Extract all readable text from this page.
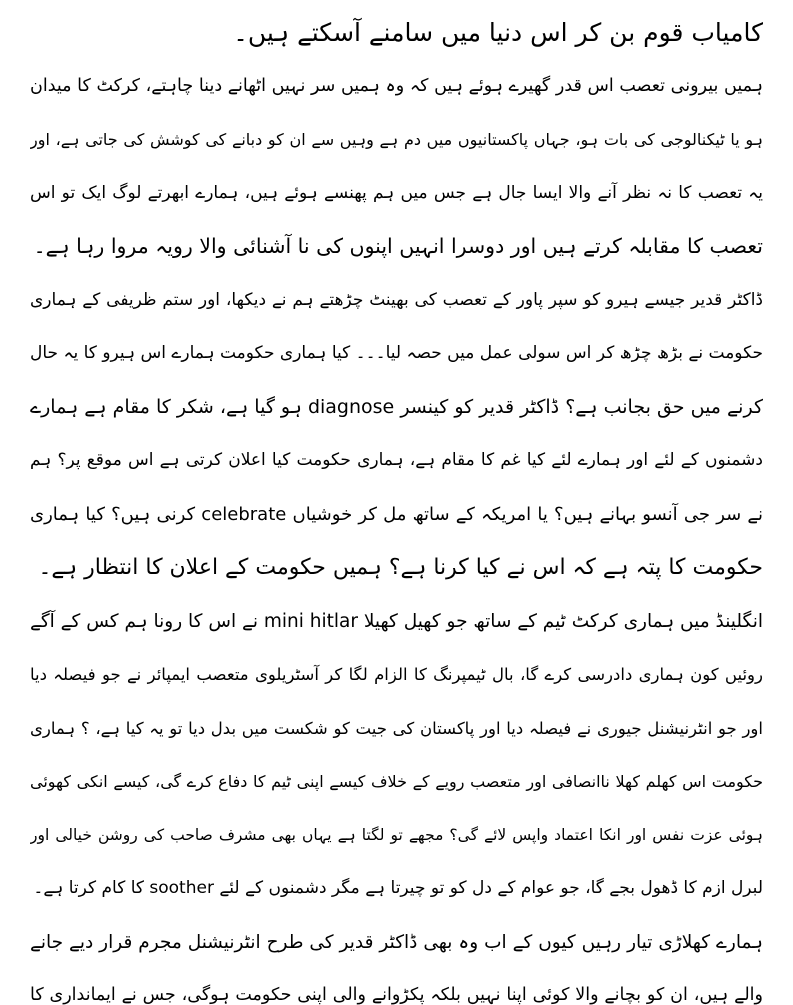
کامیاب قوم بن کر اس دنیا میں سامنے آسکتے ہیں۔
ہمیں بیرونی تعصب اس قدر گھیرے ہوئے ہیں کہ وہ ہمیں سر نہیں اٹھانے دینا چاہتے، کرکٹ کا میدان
ہو یا ٹیکنالوجی کی بات ہو، جہاں پاکستانیوں میں دم ہے وہیں سے ان کو دبانے کی کوشش کی جاتی ہے، اور
یہ تعصب کا نہ نظر آنے والا ایسا جال ہے جس میں ہم پھنسے ہوئے ہیں، ہمارے ابھرتے لوگ ایک تو اس
تعصب کا مقابلہ کرتے ہیں اور دوسرا انہیں اپنوں کی نا آشنائی والا رویہ مروا رہا ہے۔
ڈاکٹر قدیر جیسے ہیرو کو سپر پاور کے تعصب کی بھینٹ چڑھتے ہم نے دیکھا، اور ستم ظریفی کے ہماری
حکومت نے بڑھ چڑھ کر اس سولی عمل میں حصہ لیا۔۔۔ کیا ہماری حکومت ہمارے اس ہیرو کا یہ حال
کرنے میں حق بجانب ہے؟ ڈاکٹر قدیر کو کینسر diagnose ہو گیا ہے، شکر کا مقام ہے ہمارے
دشمنوں کے لئے اور ہمارے لئے کیا غم کا مقام ہے، ہماری حکومت کیا اعلان کرتی ہے اس موقع پر؟ ہم
نے سر جی آنسو بہانے ہیں؟ یا امریکہ کے ساتھ مل کر خوشیاں celebrate کرنی ہیں؟ کیا ہماری
حکومت کا پتہ ہے کہ اس نے کیا کرنا ہے؟ ہمیں حکومت کے اعلان کا انتظار ہے۔
انگلینڈ میں ہماری کرکٹ ٹیم کے ساتھ جو کھیل کھیلا mini hitlar نے اس کا رونا ہم کس کے آگے
روئیں کون ہماری دادرسی کرے گا، بال ٹیمپرنگ کا الزام لگا کر آسٹریلوی متعصب ایمپائر نے جو فیصلہ دیا
اور جو انٹرنیشنل جیوری نے فیصلہ دیا اور پاکستان کی جیت کو شکست میں بدل دیا تو یہ کیا ہے، ؟ ہماری
حکومت اس کھلم کھلا ناانصافی اور متعصب رویے کے خلاف کیسے اپنی ٹیم کا دفاع کرے گی، کیسے انکی کھوئی
ہوئی عزت نفس اور انکا اعتماد واپس لائے گی؟ مجھے تو لگتا ہے یہاں بھی مشرف صاحب کی روشن خیالی اور
لبرل ازم کا ڈھول بجے گا، جو عوام کے دل کو تو چیرتا ہے مگر دشمنوں کے لئے soother کا کام کرتا ہے۔
ہمارے کھلاڑی تیار رہیں کیوں کے اب وہ بھی ڈاکٹر قدیر کی طرح انٹرنیشنل مجرم قرار دیے جانے
والے ہیں، ان کو بچانے والا کوئی اپنا نہیں بلکہ پکڑوانے والی اپنی حکومت ہوگی، جس نے ایمانداری کا
